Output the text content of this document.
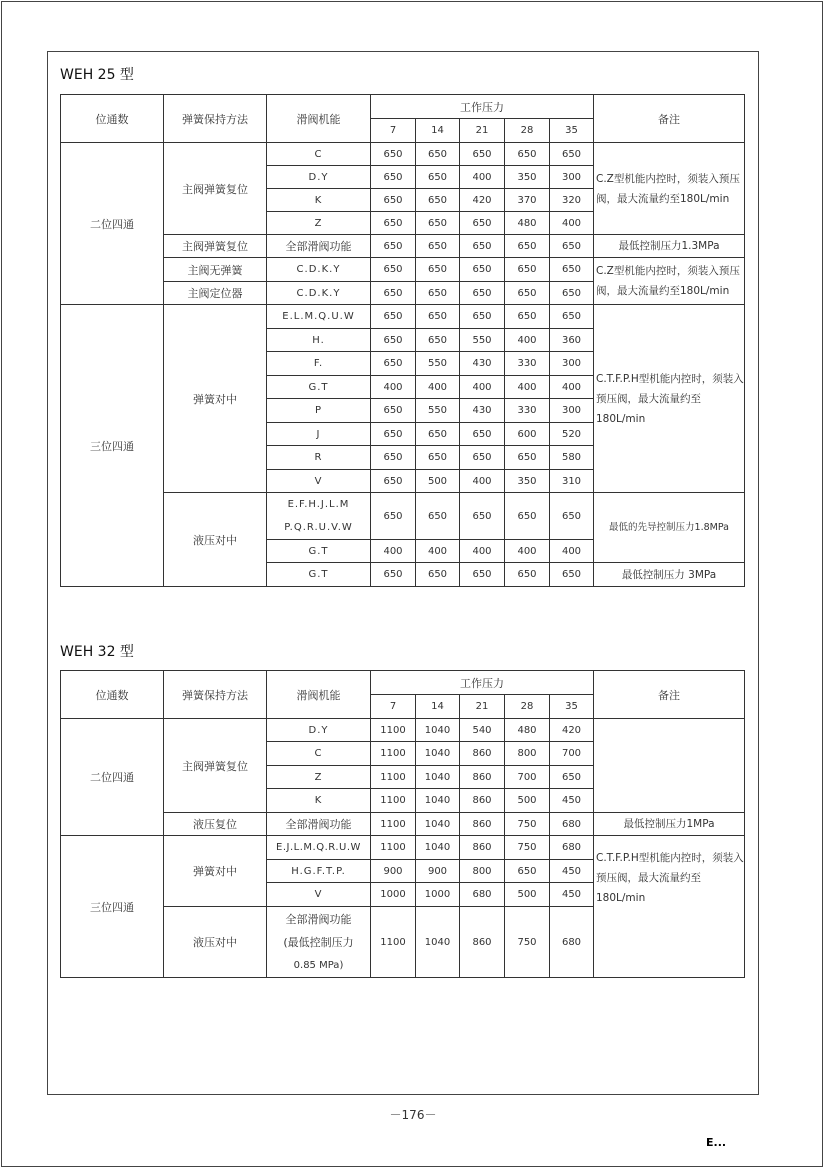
WEH 25 型
位通数	弹簧保持方法	滑阀机能	工作压力					备注
			7	14	21	28	35	
二位四通	主阀弹簧复位	C	650	650	650	650	650	C.Z型机能内控时，须装入预压阀，最大流量约至180L/min
		D.Y	650	650	400	350	300	
		K	650	650	420	370	320	
		Z	650	650	650	480	400	
	主阀弹簧复位	全部滑阀功能	650	650	650	650	650	最低控制压力1.3MPa
	主阀无弹簧	C.D.K.Y	650	650	650	650	650	C.Z型机能内控时，须装入预压阀，最大流量约至180L/min
	主阀定位器	C.D.K.Y	650	650	650	650	650	
三位四通	弹簧对中	E.L.M.Q.U.W	650	650	650	650	650	C.T.F.P.H型机能内控时，须装入预压阀，最大流量约至180L/min
		H.	650	650	550	400	360	
		F.	650	550	430	330	300	
		G.T	400	400	400	400	400	
		P	650	550	430	330	300	
		J	650	650	650	600	520	
		R	650	650	650	650	580	
		V	650	500	400	350	310	
	液压对中	E.F.H.J.L.M
P.Q.R.U.V.W	650	650	650	650	650	最低的先导控制压力1.8MPa
		G.T	400	400	400	400	400	
		G.T	650	650	650	650	650	最低控制压力 3MPa
WEH 32 型
位通数	弹簧保持方法	滑阀机能	工作压力					备注
			7	14	21	28	35	
二位四通	主阀弹簧复位	D.Y	1100	1040	540	480	420	
		C	1100	1040	860	800	700	
		Z	1100	1040	860	700	650	
		K	1100	1040	860	500	450	
	液压复位	全部滑阀功能	1100	1040	860	750	680	最低控制压力1MPa
三位四通	弹簧对中	E.J.L.M.Q.R.U.W	1100	1040	860	750	680	C.T.F.P.H型机能内控时，须装入预压阀，最大流量约至180L/min
		H.G.F.T.P.	900	900	800	650	450	
		V	1000	1000	680	500	450	
	液压对中	全部滑阀功能
(最低控制压力
0.85 MPa)	1100	1040	860	750	680	
－176－
E...
